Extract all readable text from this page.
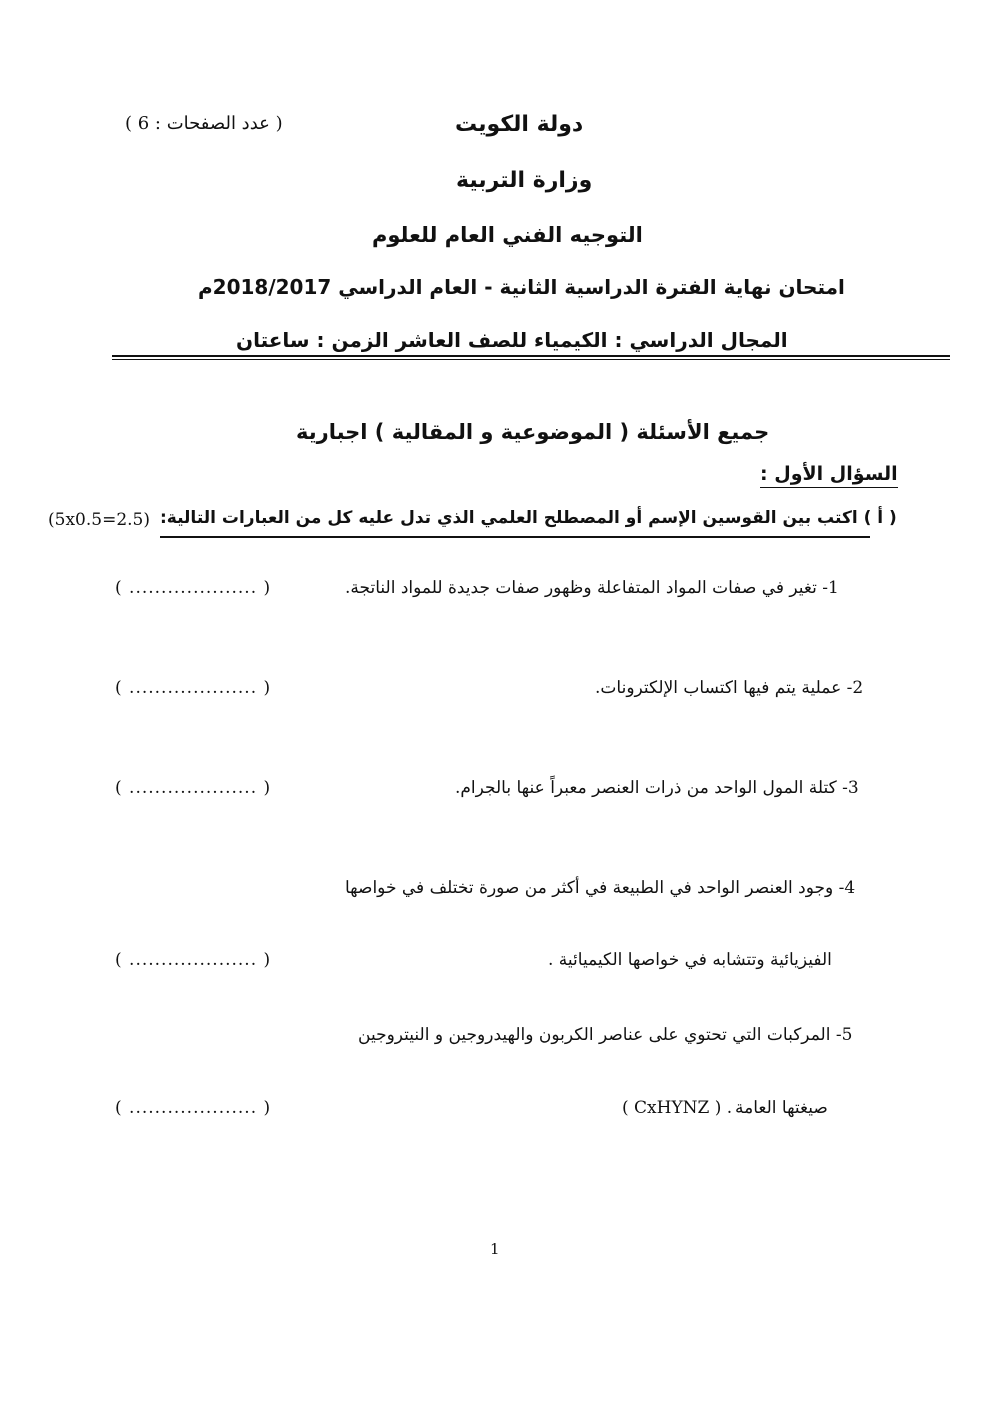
دولة الكويت
( عدد الصفحات : 6 )
وزارة التربية
التوجيه الفني العام للعلوم
امتحان نهاية الفترة الدراسية الثانية - العام الدراسي 2018/2017م
المجال الدراسي : الكيمياء للصف العاشر الزمن : ساعتان
جميع الأسئلة ( الموضوعية و المقالية ) اجبارية
السؤال الأول :
( أ ) اكتب بين القوسين الإسم أو المصطلح العلمي الذي تدل عليه كل من العبارات التالية:
(5x0.5=2.5)
1- تغير في صفات المواد المتفاعلة وظهور صفات جديدة للمواد الناتجة.
( .................... )
2- عملية يتم فيها اكتساب الإلكترونات.
( .................... )
3- كتلة المول الواحد من ذرات العنصر معبراً عنها بالجرام.
( .................... )
4- وجود العنصر الواحد في الطبيعة في أكثر من صورة تختلف في خواصها
الفيزيائية وتتشابه في خواصها الكيميائية .
( .................... )
5- المركبات التي تحتوي على عناصر الكربون والهيدروجين و النيتروجين
صيغتها العامة
( CxHYNZ ) .
( .................... )
1
